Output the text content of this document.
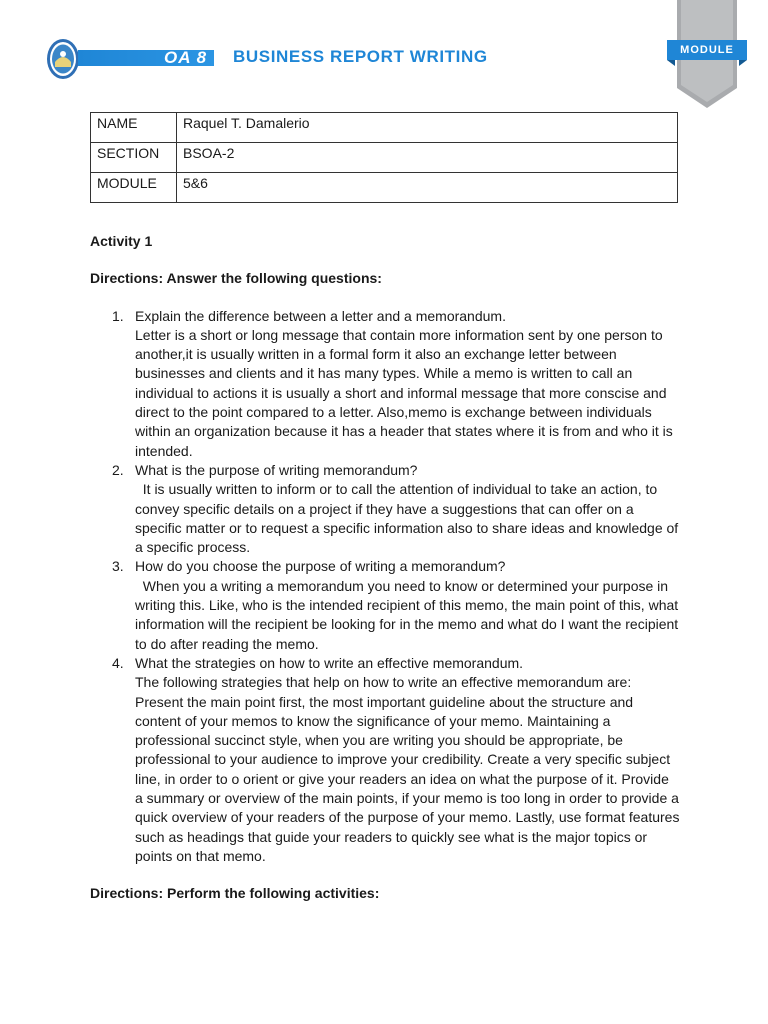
OA 8 BUSINESS REPORT WRITING	MODULE
NAME	Raquel T. Damalerio
SECTION	BSOA-2
MODULE	5&6
Activity 1
Directions: Answer the following questions:
1. Explain the difference between a letter and a memorandum.
Letter is a short or long message that contain more information sent by one person to another,it is usually written in a formal form it also an exchange letter between businesses and clients and it has many types. While a memo is written to call an individual to actions it is usually a short and informal message that more conscise and direct to the point compared to a letter. Also,memo is exchange between individuals within an organization because it has a header that states where it is from and who it is intended.
2. What is the purpose of writing memorandum?
It is usually written to inform or to call the attention of individual to take an action, to convey specific details on a project if they have a suggestions that can offer on a specific matter or to request a specific information also to share ideas and knowledge of a specific process.
3. How do you choose the purpose of writing a memorandum?
When you a writing a memorandum you need to know or determined your purpose in writing this. Like, who is the intended recipient of this memo, the main point of this, what information will the recipient be looking for in the memo and what do I want the recipient to do after reading the memo.
4. What the strategies on how to write an effective memorandum.
The following strategies that help on how to write an effective memorandum are: Present the main point first, the most important guideline about the structure and content of your memos to know the significance of your memo. Maintaining a professional succinct style, when you are writing you should be appropriate, be professional to your audience to improve your credibility. Create a very specific subject line, in order to o orient or give your readers an idea on what the purpose of it. Provide a summary or overview of the main points, if your memo is too long in order to provide a quick overview of your readers of the purpose of your memo. Lastly, use format features such as headings that guide your readers to quickly see what is the major topics or points on that memo.
Directions: Perform the following activities:
